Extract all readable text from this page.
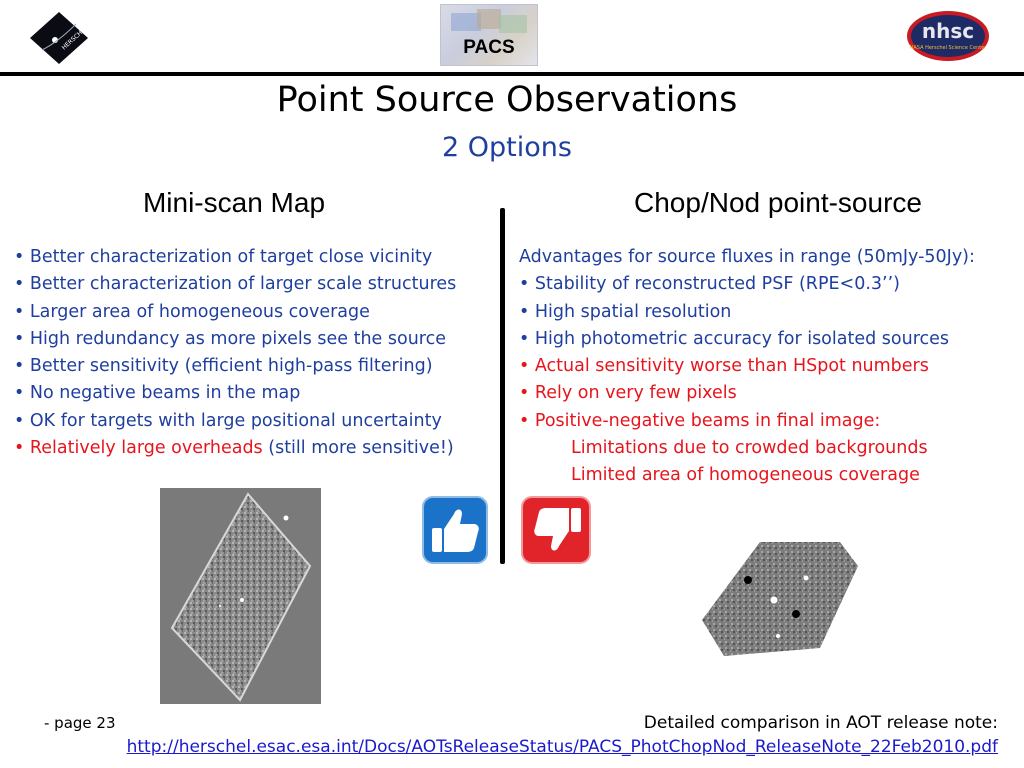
HERSCHEL	PACS
nhsc
NASA Herschel Science Center
Point Source Observations
2 Options
Mini-scan Map	Chop/Nod point-source
• Better characterization of target close vicinity
• Better characterization of larger scale structures
• Larger area of homogeneous coverage
• High redundancy as more pixels see the source
• Better sensitivity (efficient high-pass filtering)
• No negative beams in the map
• OK for targets with large positional uncertainty
• Relatively large overheads (still more sensitive!)
Advantages for source fluxes in range (50mJy-50Jy):
• Stability of reconstructed PSF (RPE<0.3’’)
• High spatial resolution
• High photometric accuracy for isolated sources
• Actual sensitivity worse than HSpot numbers
• Rely on very few pixels
• Positive-negative beams in final image:
Limitations due to crowded backgrounds
Limited area of homogeneous coverage
- page 23	Detailed comparison in AOT release note:
http://herschel.esac.esa.int/Docs/AOTsReleaseStatus/PACS_PhotChopNod_ReleaseNote_22Feb2010.pdf
